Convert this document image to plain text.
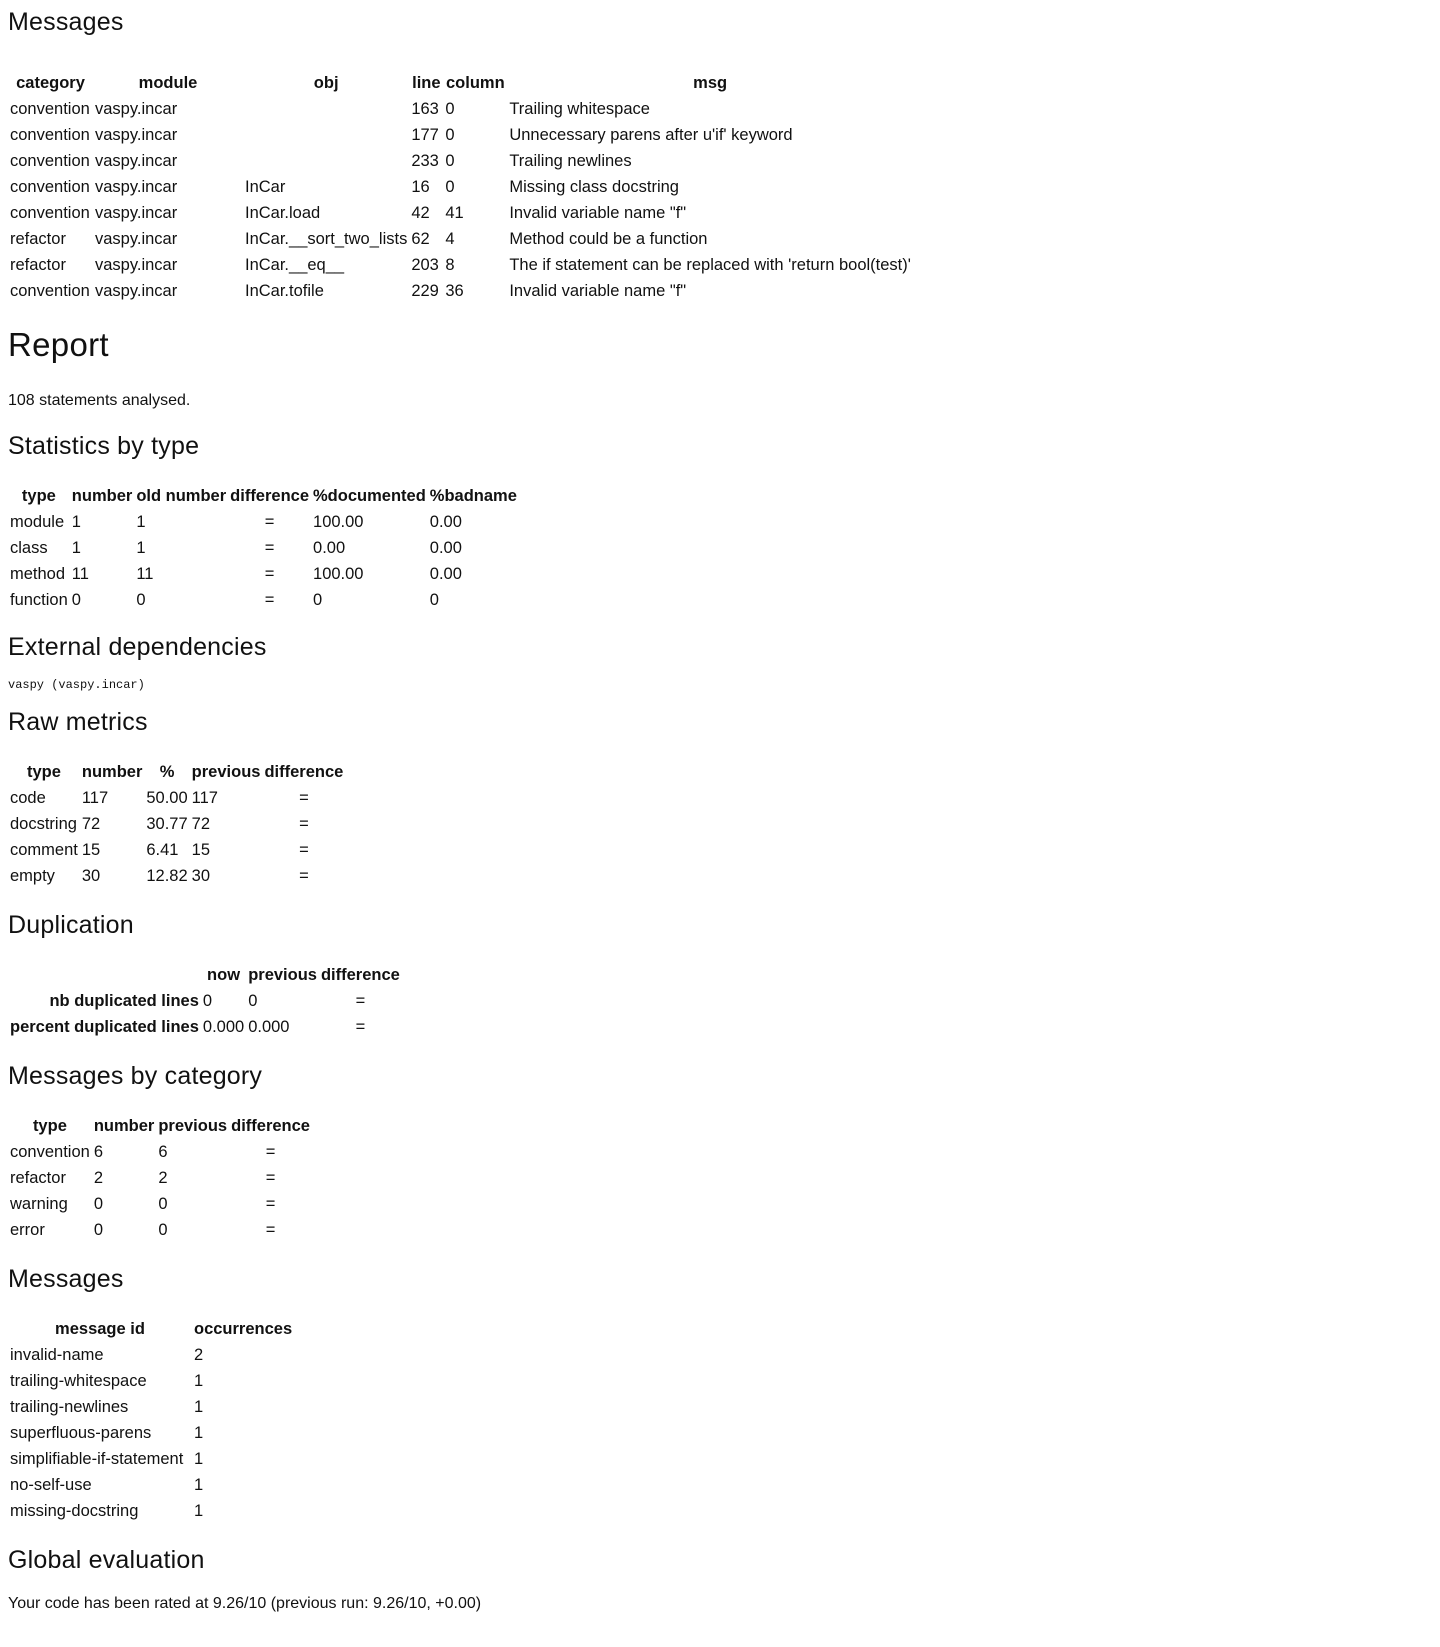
Messages
category	module	obj	line	column	msg
convention	vaspy.incar		163	0	Trailing whitespace
convention	vaspy.incar		177	0	Unnecessary parens after u'if' keyword
convention	vaspy.incar		233	0	Trailing newlines
convention	vaspy.incar	InCar	16	0	Missing class docstring
convention	vaspy.incar	InCar.load	42	41	Invalid variable name "f"
refactor	vaspy.incar	InCar.__sort_two_lists	62	4	Method could be a function
refactor	vaspy.incar	InCar.__eq__	203	8	The if statement can be replaced with 'return bool(test)'
convention	vaspy.incar	InCar.tofile	229	36	Invalid variable name "f"
Report

108 statements analysed.

Statistics by type
type	number	old number	difference	%documented	%badname
module	1	1	=	100.00	0.00
class	1	1	=	0.00	0.00
method	11	11	=	100.00	0.00
function	0	0	=	0	0
External dependencies
vaspy (vaspy.incar)
Raw metrics
type	number	%	previous	difference
code	117	50.00	117	=
docstring	72	30.77	72	=
comment	15	6.41	15	=
empty	30	12.82	30	=
Duplication
	now	previous	difference
nb duplicated lines	0	0	=
percent duplicated lines	0.000	0.000	=
Messages by category
type	number	previous	difference
convention	6	6	=
refactor	2	2	=
warning	0	0	=
error	0	0	=
Messages
message id	occurrences
invalid-name	2
trailing-whitespace	1
trailing-newlines	1
superfluous-parens	1
simplifiable-if-statement	1
no-self-use	1
missing-docstring	1
Global evaluation

Your code has been rated at 9.26/10 (previous run: 9.26/10, +0.00)
